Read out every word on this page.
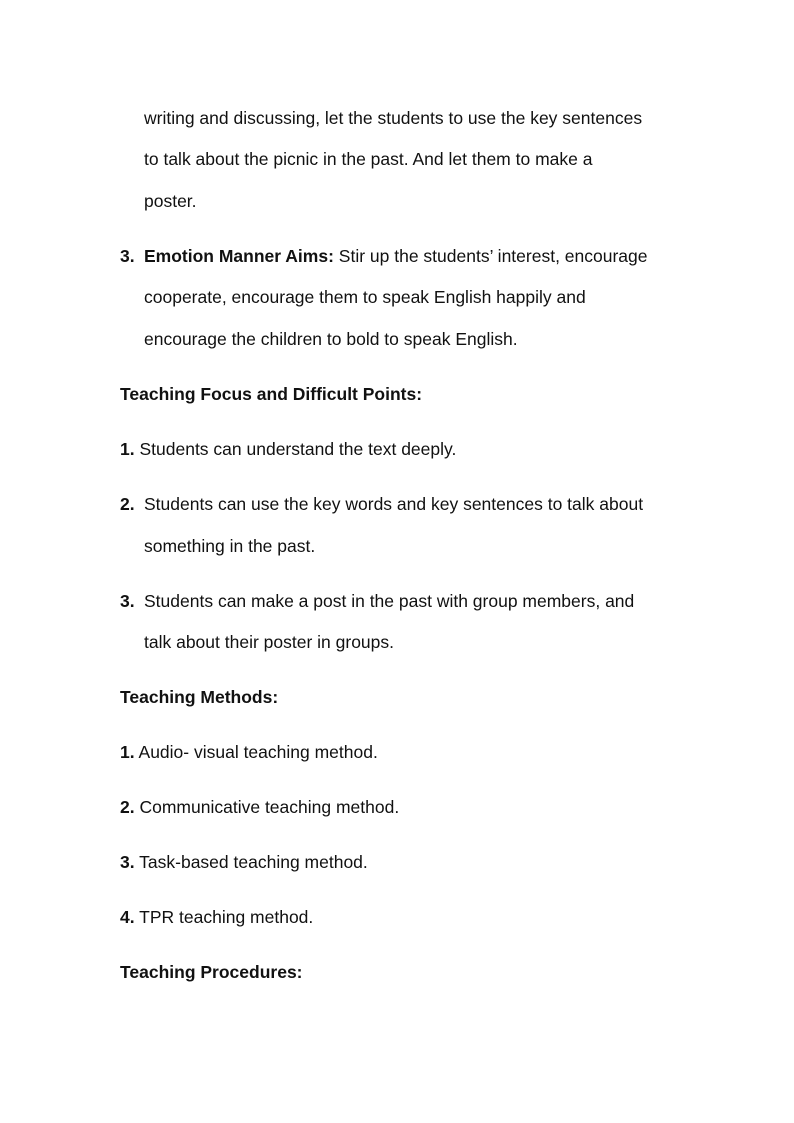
writing and discussing, let the students to use the key sentences
to talk about the picnic in the past. And let them to make a
poster.
3. Emotion Manner Aims: Stir up the students’ interest, encourage
cooperate, encourage them to speak English happily and
encourage the children to bold to speak English.
Teaching Focus and Difficult Points:
1. Students can understand the text deeply.
2. Students can use the key words and key sentences to talk about
something in the past.
3. Students can make a post in the past with group members, and
talk about their poster in groups.
Teaching Methods:
1. Audio- visual teaching method.
2. Communicative teaching method.
3. Task-based teaching method.
4. TPR teaching method.
Teaching Procedures:
